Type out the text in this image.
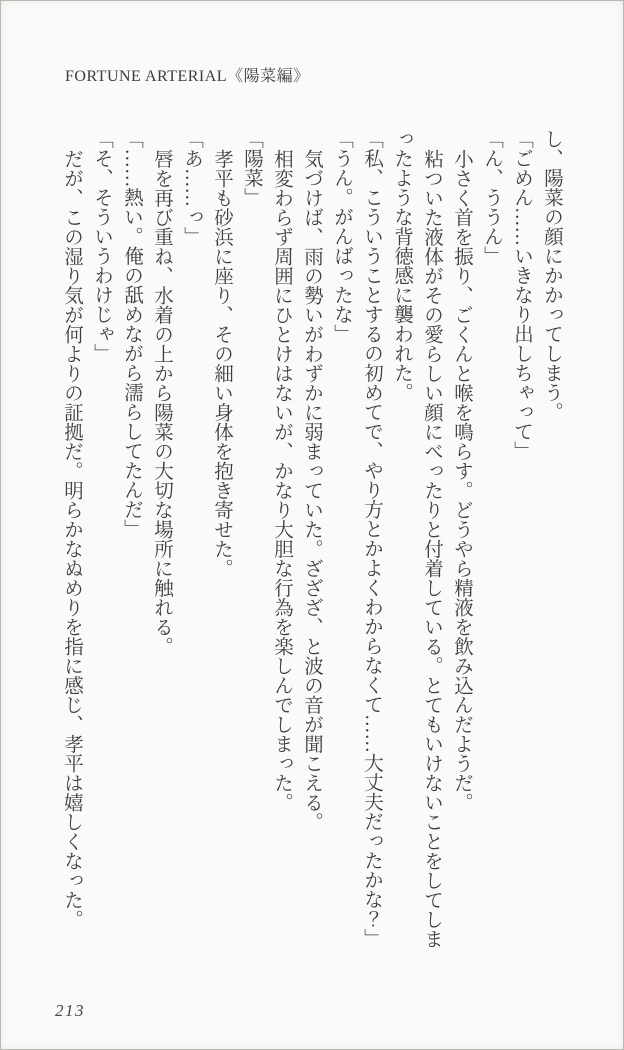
FORTUNE ARTERIAL《陽菜編》

し、陽菜の顔にかかってしまう。

「ごめん……いきなり出しちゃって」

「ん、ううん」

小さく首を振り、ごくんと喉を鳴らす。どうやら精液を飲み込んだようだ。

粘ついた液体がその愛らしい顔にべったりと付着している。とてもいけないことをしてしまったような背徳感に襲われた。

「私、こういうことするの初めてで、やり方とかよくわからなくて……大丈夫だったかな？」

「うん。がんばったな」

気づけば、雨の勢いがわずかに弱まっていた。ざざざ、と波の音が聞こえる。

相変わらず周囲にひとけはないが、かなり大胆な行為を楽しんでしまった。

「陽菜」

孝平も砂浜に座り、その細い身体を抱き寄せた。

「あ……っ」

唇を再び重ね、水着の上から陽菜の大切な場所に触れる。

「……熱い。俺の舐めながら濡らしてたんだ」

「そ、そういうわけじゃ」

だが、この湿り気が何よりの証拠だ。明らかなぬめりを指に感じ、孝平は嬉しくなった。

213
